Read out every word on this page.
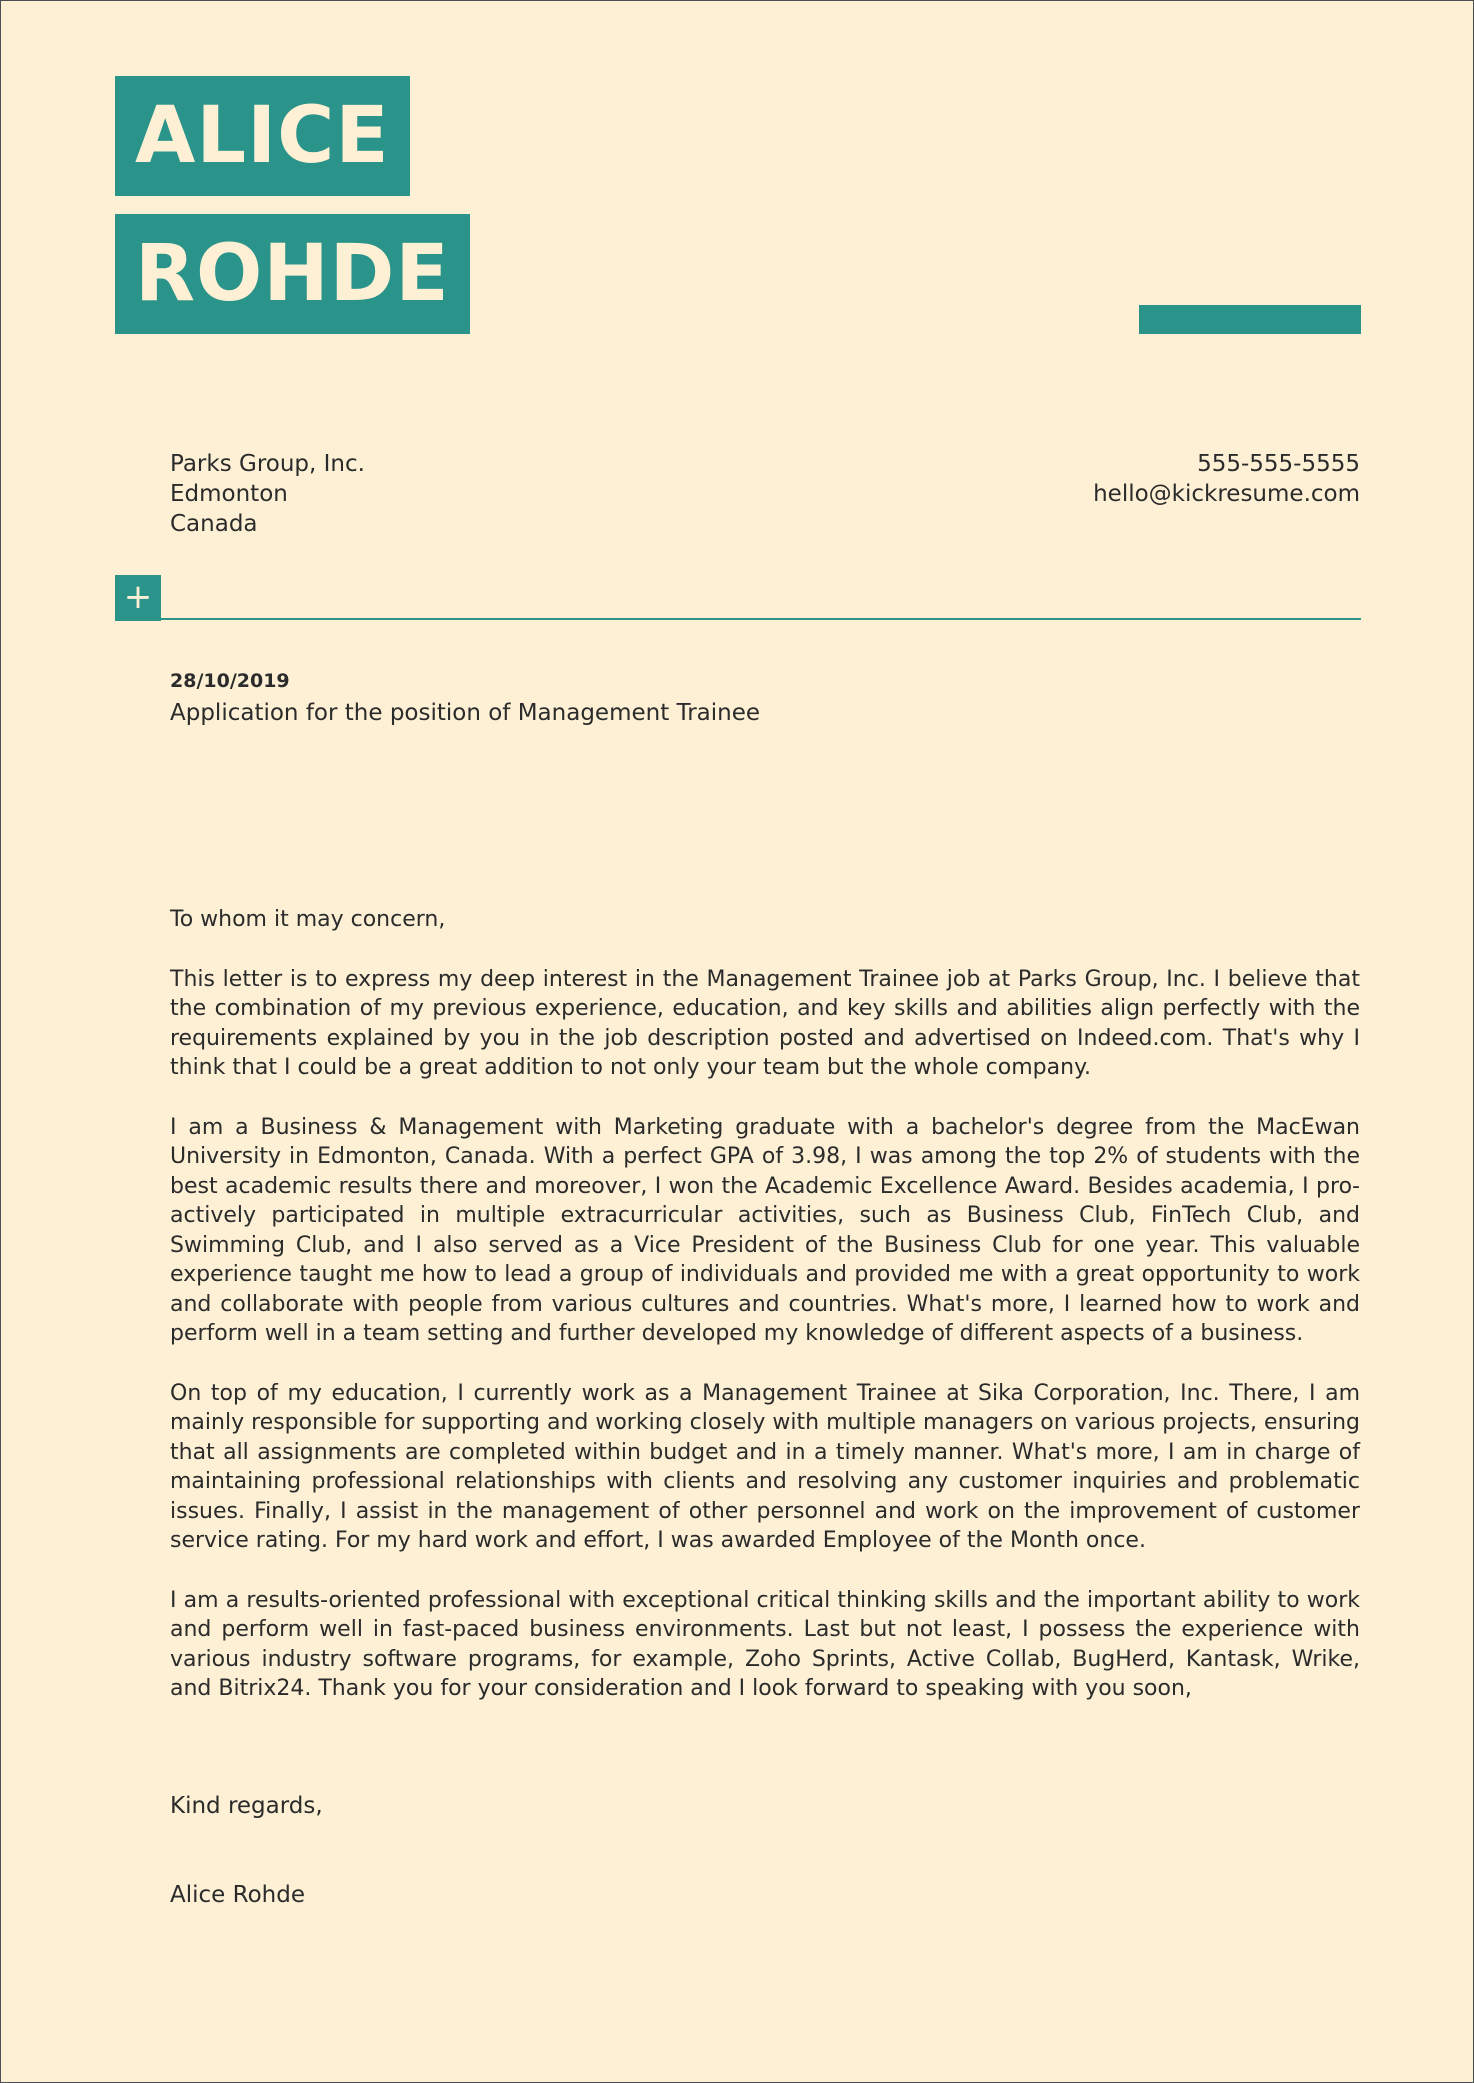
ALICE
ROHDE
Parks Group, Inc.
Edmonton
Canada
555-555-5555
hello@kickresume.com
+
28/10/2019
Application for the position of Management Trainee

To whom it may concern,

This letter is to express my deep interest in the Management Trainee job at Parks Group, Inc. I believe that the combination of my previous experience, education, and key skills and abilities align perfectly with the requirements explained by you in the job description posted and advertised on Indeed.com. That's why I think that I could be a great addition to not only your team but the whole company.

I am a Business & Management with Marketing graduate with a bachelor's degree from the MacEwan University in Edmonton, Canada. With a perfect GPA of 3.98, I was among the top 2% of students with the best academic results there and moreover, I won the Academic Excellence Award. Besides academia, I proactively participated in multiple extracurricular activities, such as Business Club, FinTech Club, and Swimming Club, and I also served as a Vice President of the Business Club for one year. This valuable experience taught me how to lead a group of individuals and provided me with a great opportunity to work and collaborate with people from various cultures and countries. What's more, I learned how to work and perform well in a team setting and further developed my knowledge of different aspects of a business.

On top of my education, I currently work as a Management Trainee at Sika Corporation, Inc. There, I am mainly responsible for supporting and working closely with multiple managers on various projects, ensuring that all assignments are completed within budget and in a timely manner. What's more, I am in charge of maintaining professional relationships with clients and resolving any customer inquiries and problematic issues. Finally, I assist in the management of other personnel and work on the improvement of customer service rating. For my hard work and effort, I was awarded Employee of the Month once.

I am a results-oriented professional with exceptional critical thinking skills and the important ability to work and perform well in fast-paced business environments. Last but not least, I possess the experience with various industry software programs, for example, Zoho Sprints, Active Collab, BugHerd, Kantask, Wrike, and Bitrix24. Thank you for your consideration and I look forward to speaking with you soon,

Kind regards,
Alice Rohde
